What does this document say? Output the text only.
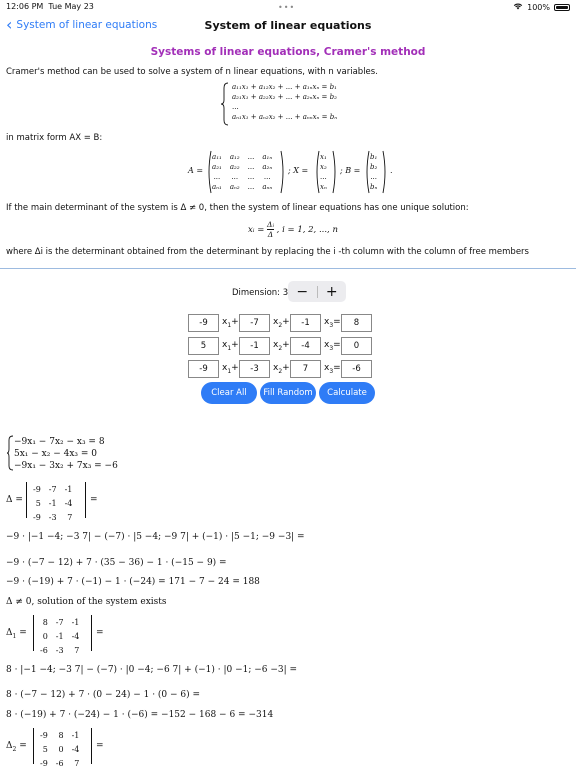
12:06 PM Tue May 23	•••	100%
‹ System of linear equations	System of linear equations
Systems of linear equations, Cramer's method
Cramer's method can be used to solve a system of n linear equations, with n variables.
a₁₁x₁ + a₁₂x₂ + ... + a₁ₙxₙ = b₁
a₂₁x₁ + a₂₂x₂ + ... + a₂ₙxₙ = b₂
...
aₙ₁x₁ + aₙ₂x₂ + ... + aₙₙxₙ = bₙ
in matrix form AX = B:
A =
a₁₁	a₁₂	...	a₁ₙ
a₂₁	a₂₂	...	a₂ₙ
...	...	...	...
aₙ₁	aₙ₂	...	aₙₙ
; X =
x₁
x₂
...
xₙ
; B =
b₁
b₂
...
bₙ
.
If the main determinant of the system is Δ ≠ 0, then the system of linear equations has one unique solution:
xᵢ = $\frac{\text{Δᵢ}}{\Delta}$ , i = 1, 2, ..., n
where Δi is the determinant obtained from the determinant by replacing the i -th column with the column of free members
Dimension: 3 −	+
-9	$x_1+$	-7	$x_2+$	-1	$x_3=$	8
5	$x_1+$	-1	$x_2+$	-4	$x_3=$	0
-9	$x_1+$	-3	$x_2+$	7	$x_3=$	-6
Clear All	Fill Random	Calculate
−9x₁ − 7x₂ − x₃ = 8
5x₁ − x₂ − 4x₃ = 0
−9x₁ − 3x₂ + 7x₃ = −6
Δ =
-9	-7	-1
5	-1	-4
-9	-3	7
=
−9 · |−1 −4; −3 7| − (−7) · |5 −4; −9 7| + (−1) · |5 −1; −9 −3| =
−9 · (−7 − 12) + 7 · (35 − 36) − 1 · (−15 − 9) =
−9 · (−19) + 7 · (−1) − 1 · (−24) = 171 − 7 − 24 = 188
Δ ≠ 0, solution of the system exists
$\Delta_1$ =
8	-7	-1
0	-1	-4
-6	-3	7
=
8 · |−1 −4; −3 7| − (−7) · |0 −4; −6 7| + (−1) · |0 −1; −6 −3| =
8 · (−7 − 12) + 7 · (0 − 24) − 1 · (0 − 6) =
8 · (−19) + 7 · (−24) − 1 · (−6) = −152 − 168 − 6 = −314
$\Delta_2$ =
-9	8	-1
5	0	-4
-9	-6	7
=
